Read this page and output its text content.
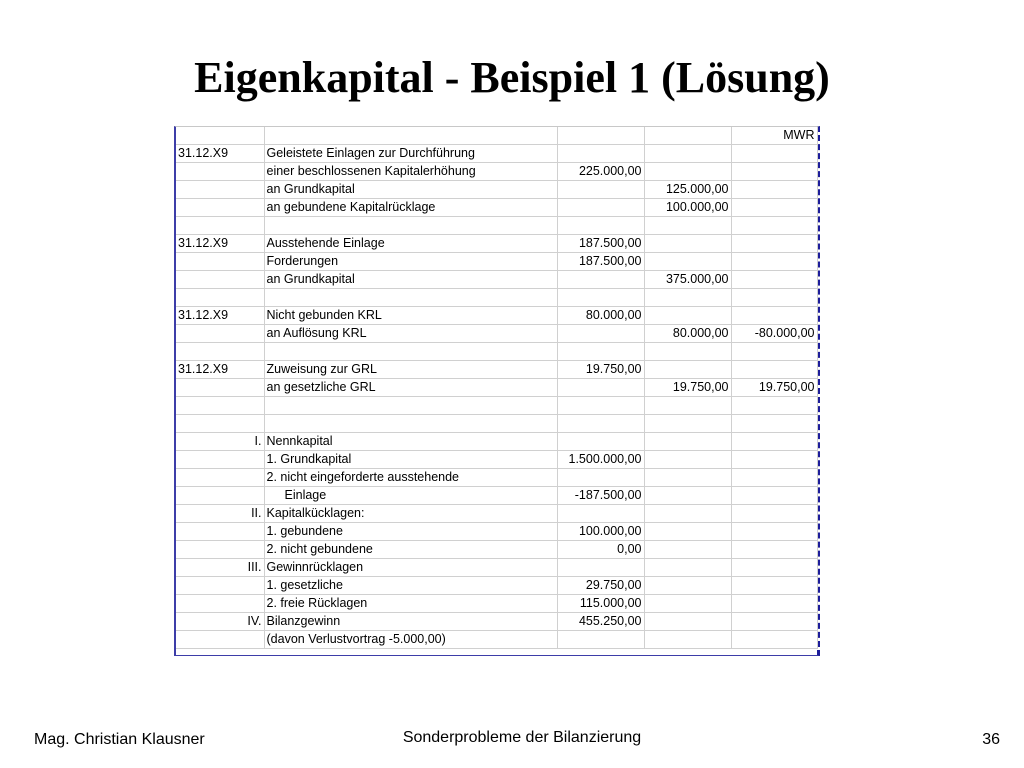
Eigenkapital - Beispiel 1 (Lösung)
				MWR
31.12.X9	Geleistete Einlagen zur Durchführung			
	einer beschlossenen Kapitalerhöhung	225.000,00		
	an Grundkapital		125.000,00	
	an gebundene Kapitalrücklage		100.000,00	

31.12.X9	Ausstehende Einlage	187.500,00		
	Forderungen	187.500,00		
	an Grundkapital		375.000,00	

31.12.X9	Nicht gebunden KRL	80.000,00		
	an Auflösung KRL		80.000,00	-80.000,00

31.12.X9	Zuweisung zur GRL	19.750,00		
	an gesetzliche GRL		19.750,00	19.750,00

I.	Nennkapital			
	1. Grundkapital	1.500.000,00		
	2. nicht eingeforderte ausstehende			
	Einlage	-187.500,00		
II.	Kapitalkücklagen:			
	1. gebundene	100.000,00		
	2. nicht gebundene	0,00		
III.	Gewinnrücklagen			
	1. gesetzliche	29.750,00		
	2. freie Rücklagen	115.000,00		
IV.	Bilanzgewinn	455.250,00		
	(davon Verlustvortrag -5.000,00)			
Mag. Christian Klausner	Sonderprobleme der Bilanzierung	36
